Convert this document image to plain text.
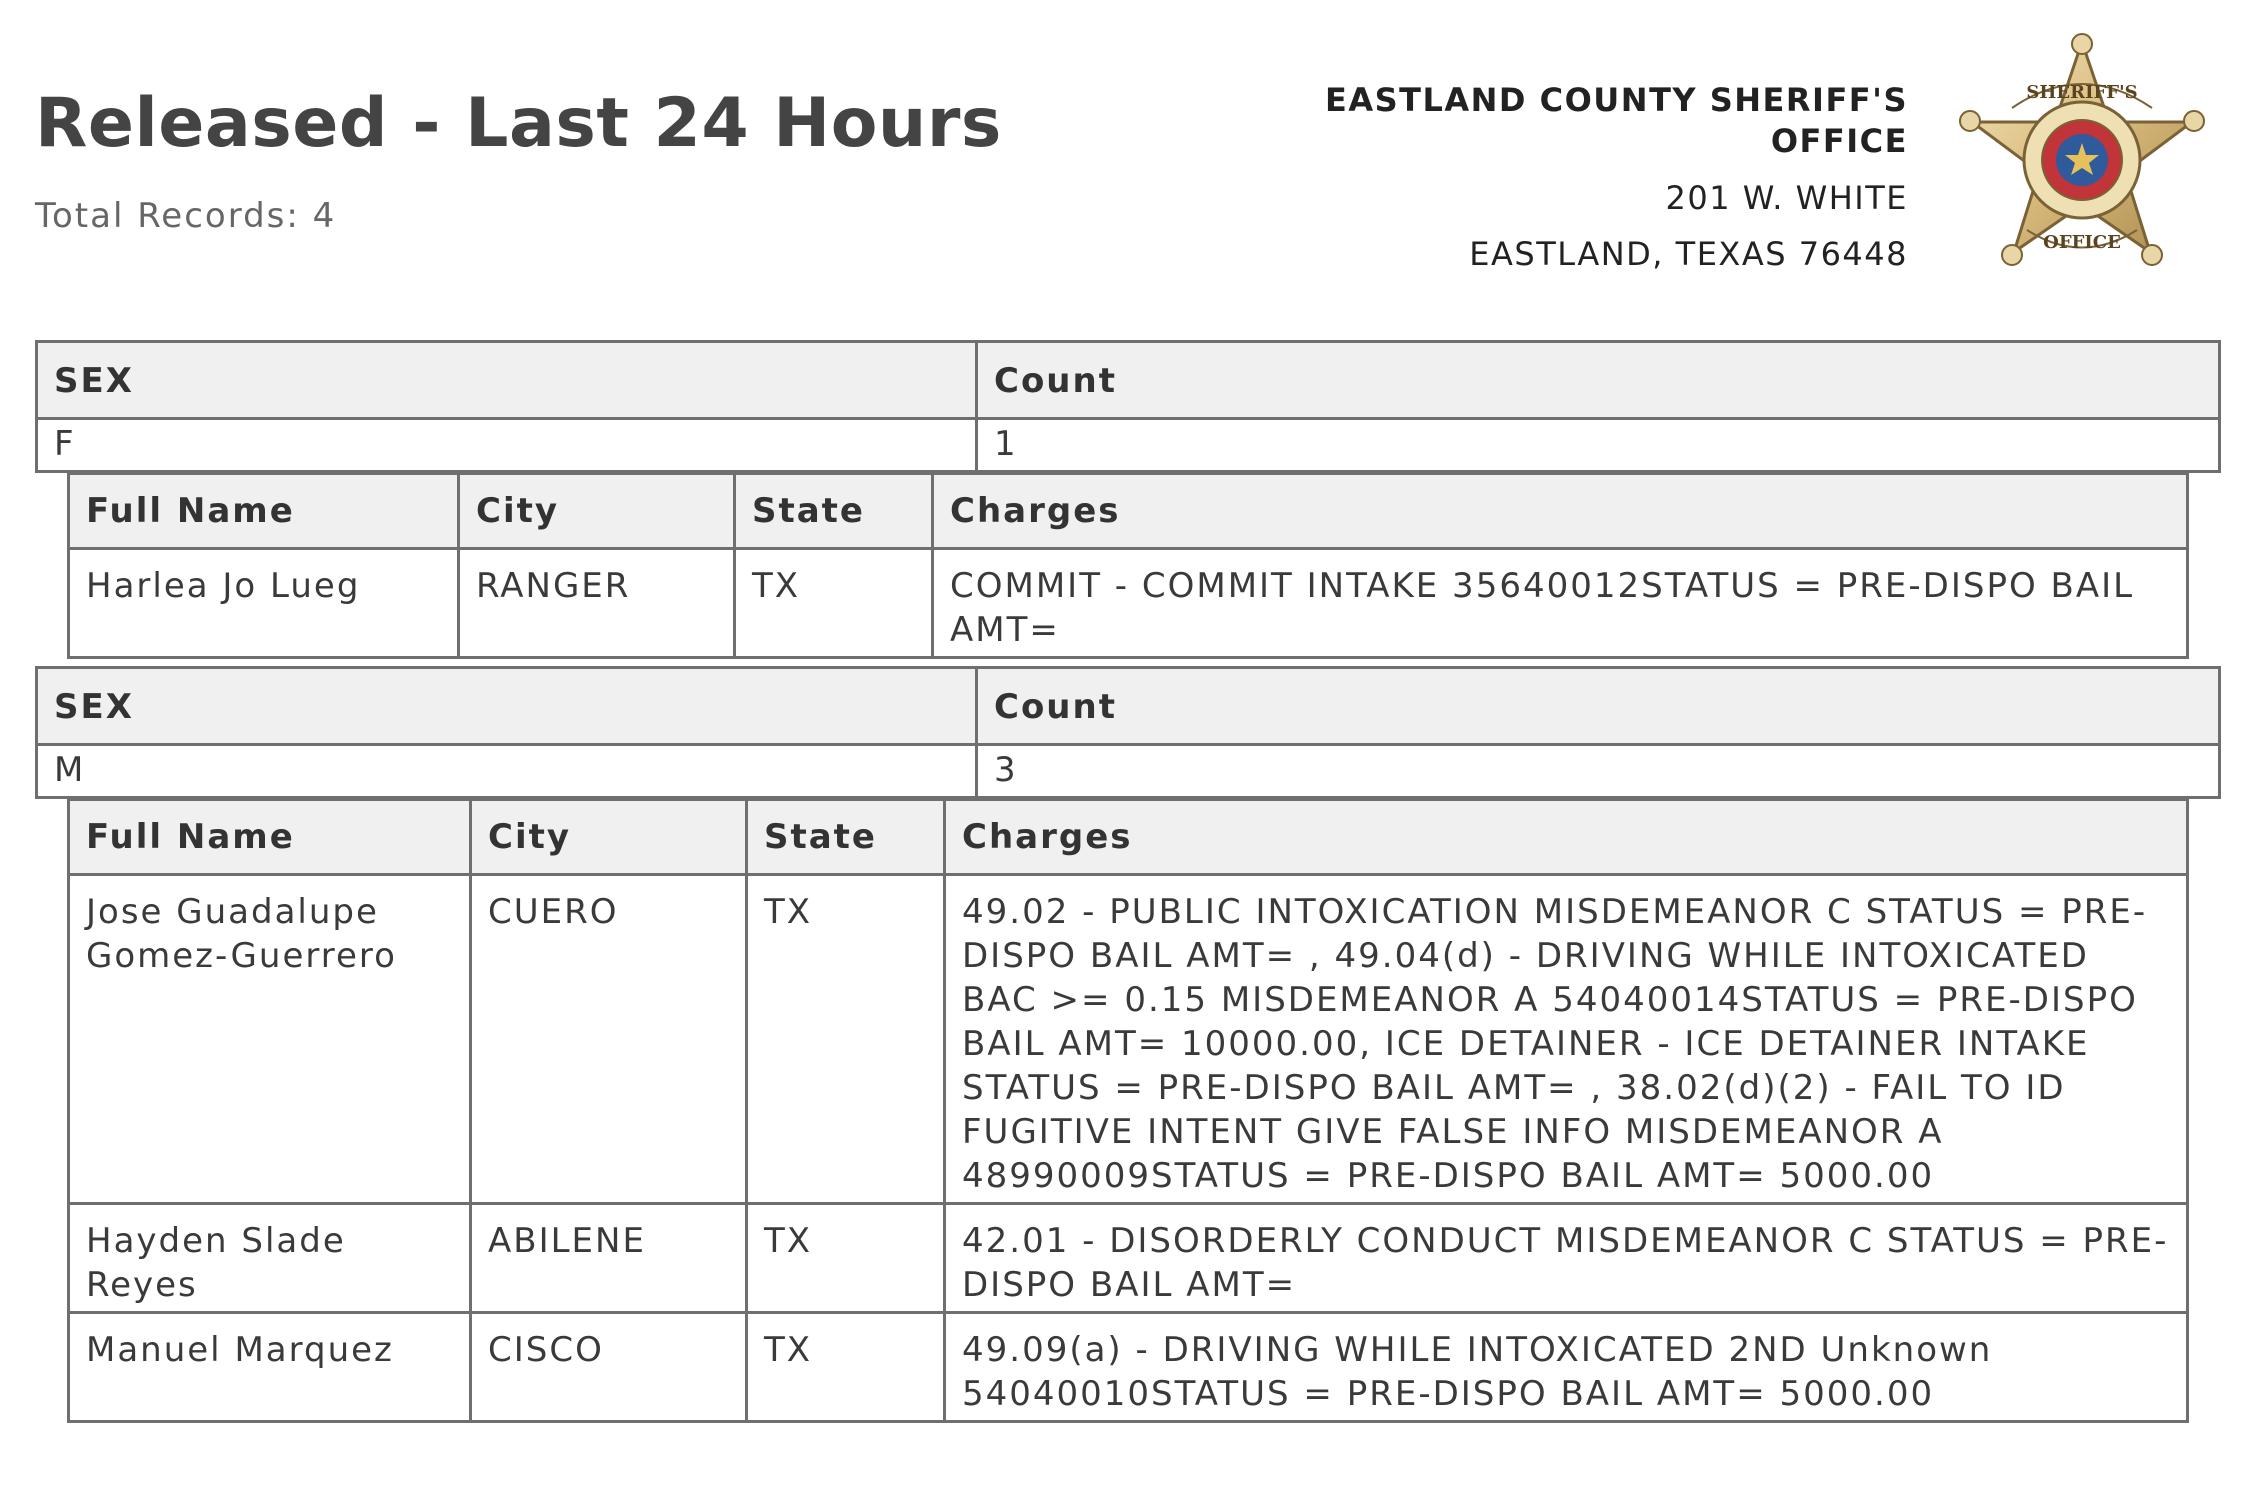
Released - Last 24 Hours
Total Records: 4
EASTLAND COUNTY SHERIFF'S
OFFICE
201 W. WHITE
EASTLAND, TEXAS 76448
SHERIFF'S
OFFICE
SEX	Count
F	1
Full Name	City	State	Charges
Harlea Jo Lueg	RANGER	TX	COMMIT - COMMIT INTAKE 35640012STATUS = PRE-DISPO BAIL AMT=
SEX	Count
M	3
Full Name	City	State	Charges
Jose Guadalupe Gomez-Guerrero	CUERO	TX	49.02 - PUBLIC INTOXICATION MISDEMEANOR C STATUS = PRE-DISPO BAIL AMT= , 49.04(d) - DRIVING WHILE INTOXICATED BAC >= 0.15 MISDEMEANOR A 54040014STATUS = PRE-DISPO BAIL AMT= 10000.00, ICE DETAINER - ICE DETAINER INTAKE STATUS = PRE-DISPO BAIL AMT= , 38.02(d)(2) - FAIL TO ID FUGITIVE INTENT GIVE FALSE INFO MISDEMEANOR A 48990009STATUS = PRE-DISPO BAIL AMT= 5000.00
Hayden Slade Reyes	ABILENE	TX	42.01 - DISORDERLY CONDUCT MISDEMEANOR C STATUS = PRE-DISPO BAIL AMT=
Manuel Marquez	CISCO	TX	49.09(a) - DRIVING WHILE INTOXICATED 2ND Unknown 54040010STATUS = PRE-DISPO BAIL AMT= 5000.00
